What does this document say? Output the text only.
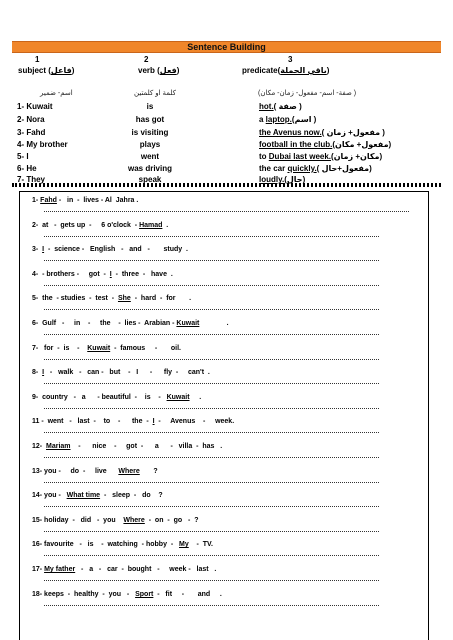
Sentence Building
1	2	3
subject (فاعل)	verb (فعل)	predicate(باقي الجملة)
اسم- ضمير	كلمة او كلمتين	(صفة- اسم- مفعول- زمان- مكان )
1- Kuwait	is	hot.( صفة )
2- Nora	has got	a laptop.(اسم )
3- Fahd	is visiting	the Avenus now.( مفعول+ زمان )
4- My brother	plays	football in the club.(مفعول+ مكان)
5- I	went	to Dubai last week.(مكان+ زمان)
6- He	was driving	the car quickly.( مفعول+حال)
7- They	speak	loudly.(حال)
1- Fahd -   in  -  lives - Al  Jahra .
2-  at   -  gets up  -     6 o'clock  - Hamad  .
3-  I  -  science -   English   -   and   -       study  .
4-  - brothers -     got  -  I  -  three  -   have  .
5-  the  - studies  -  test  -  She  -  hard  -  for       .
6-  Gulf   -     in    -     the    -  lies -  Arabian - Kuwait              .
7-   for  -  is    -    Kuwait  -  famous     -       oil.
8-  I   -   walk   -   can -   but    -   I      -      fly  -     can't  .
9-  country   -   a      - beautiful  -    is    -   Kuwait     .
11 -  went   -   last  -    to    -      the  -  I  -     Avenus    -     week.
12-  Mariam    -      nice    -     got  -      a      -   villa  -  has   .
13- you -     do  -     live      Where       ?
14- you -   What time  -   sleep  -   do    ?
15- holiday  -   did   -  you    Where  -  on  -  go   -  ?
16- favourite   -   is    -  watching  - hobby  -   My    -  TV.
17- My father   -   a   -   car  -  bought   -     week -   last   .
18- keeps  -  healthy  -  you   -   Sport  -   fit     -       and     .
